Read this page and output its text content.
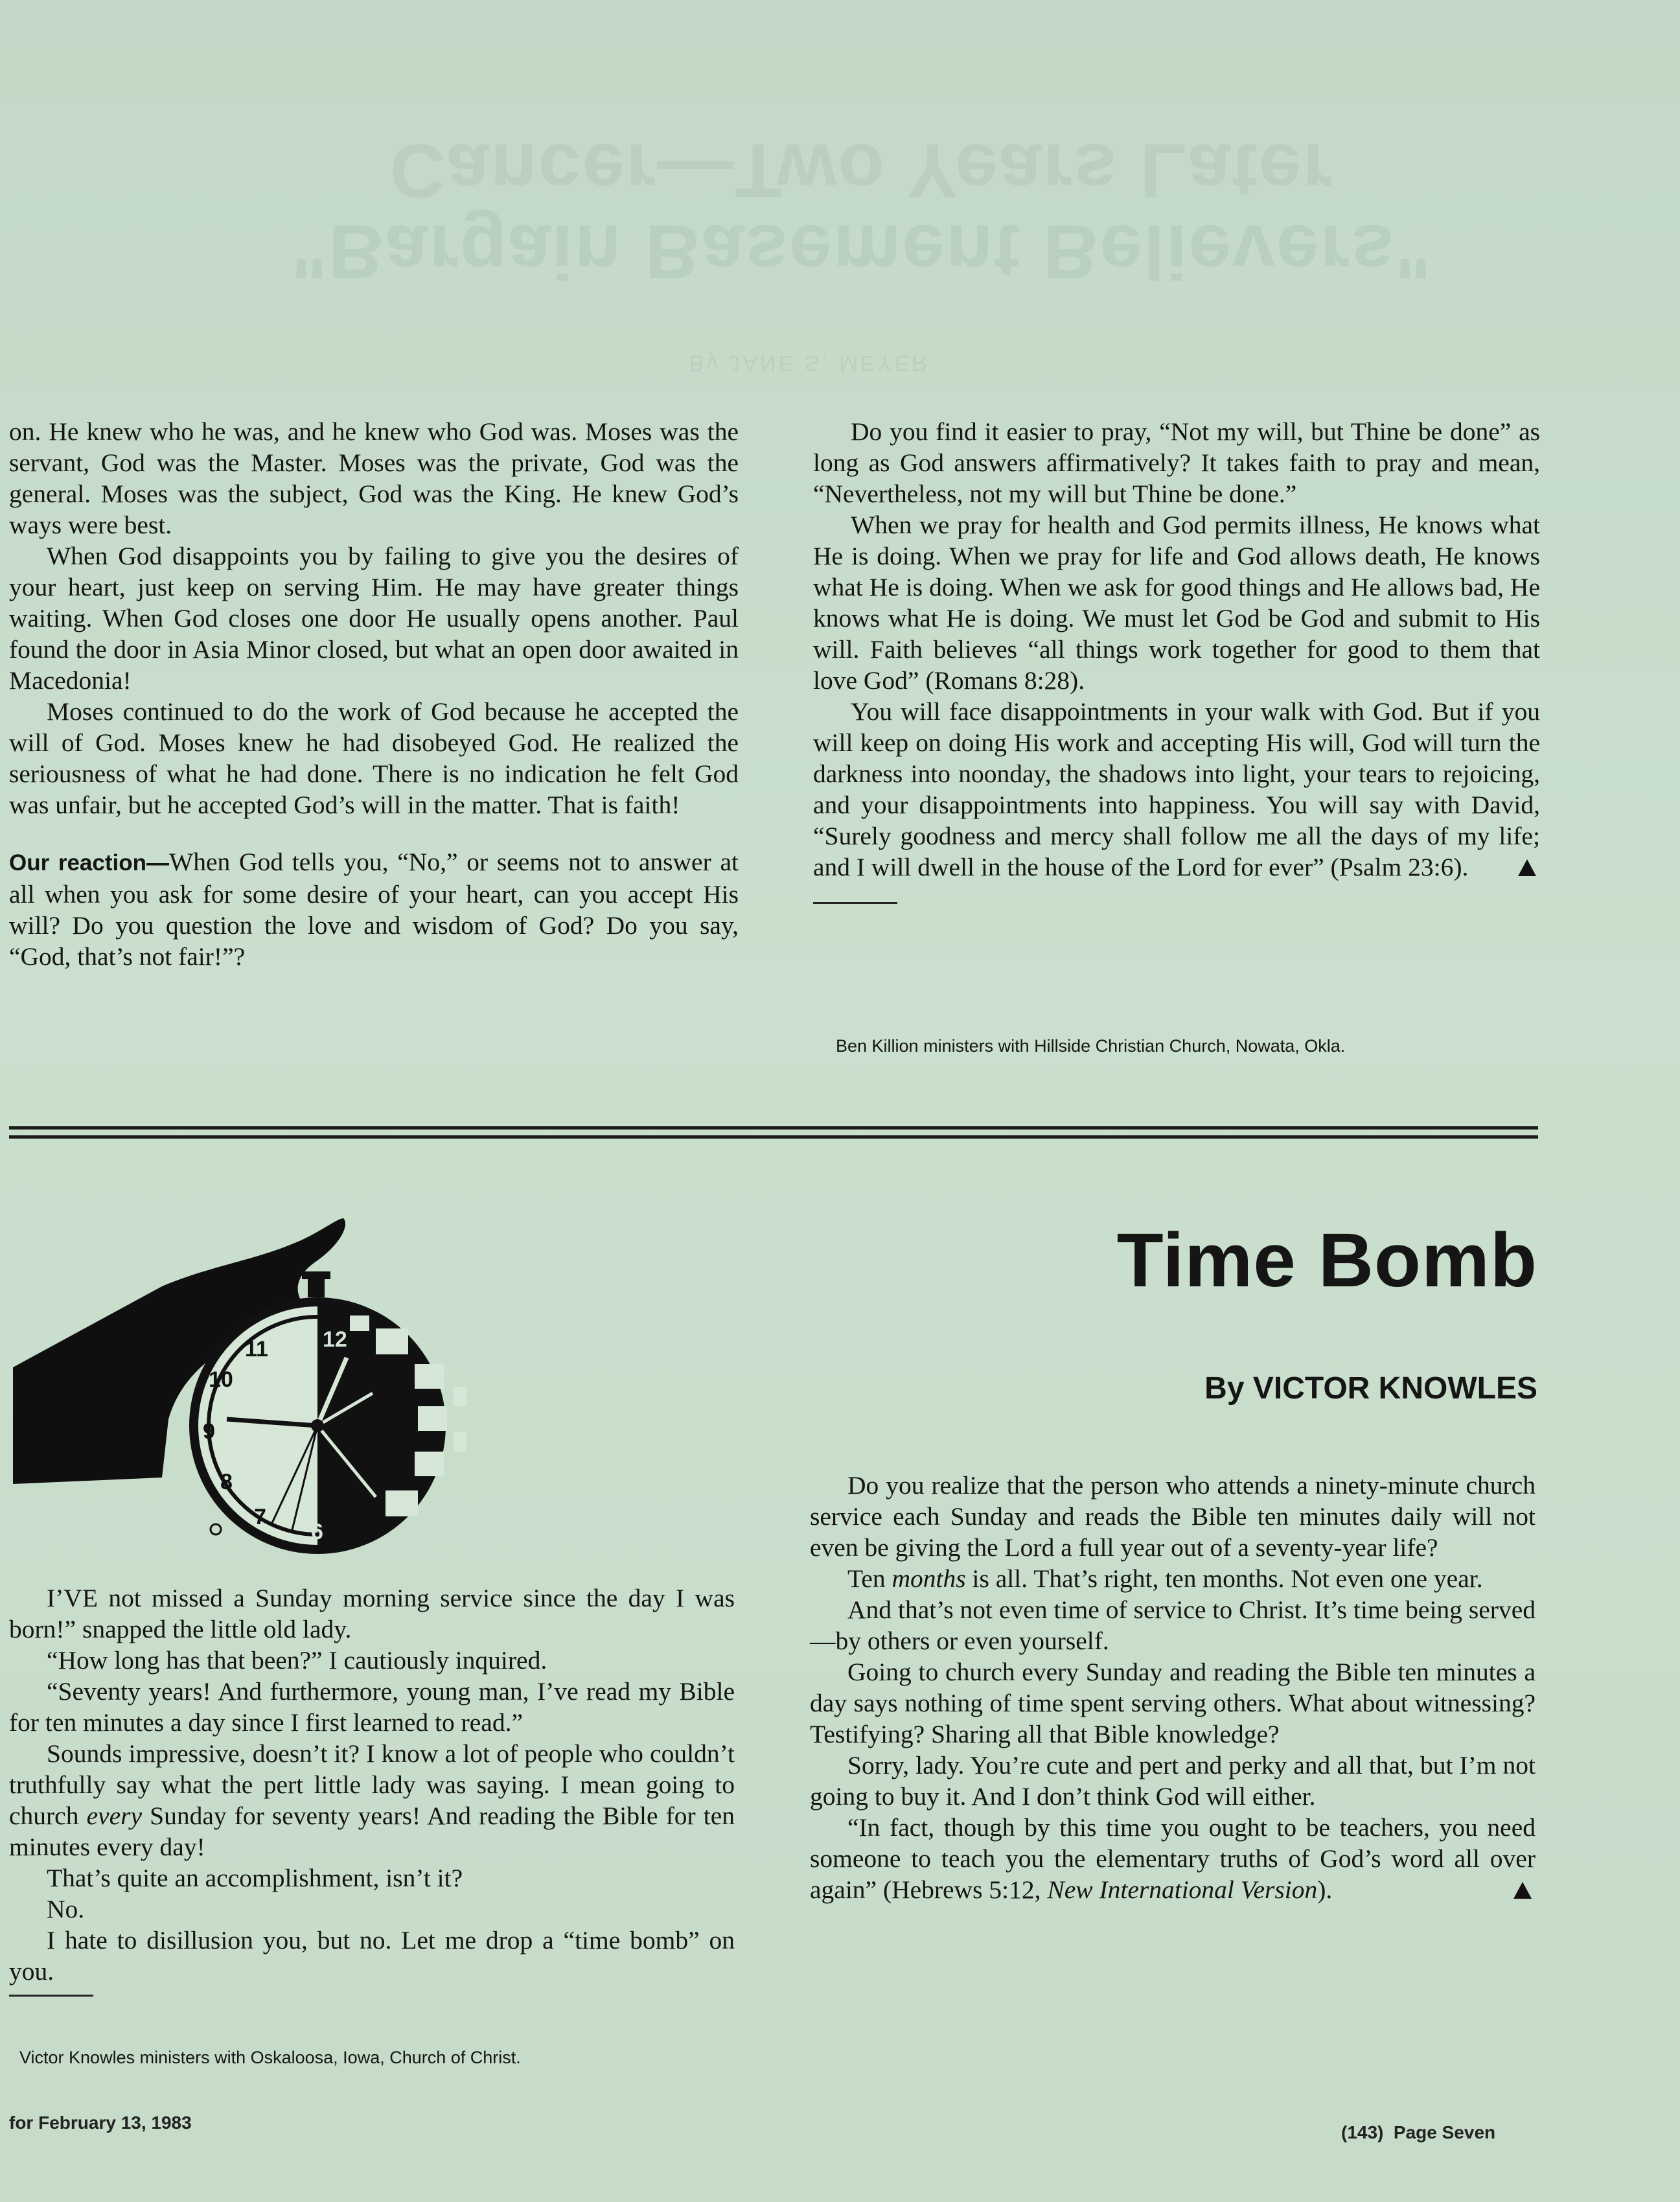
"Bargain Basement Believers"
Cancer—Two Years Later
By JANE S. MEYER

on. He knew who he was, and he knew who God was. Moses was the servant, God was the Master. Moses was the private, God was the general. Moses was the subject, God was the King. He knew God’s ways were best.

When God disappoints you by failing to give you the desires of your heart, just keep on serving Him. He may have greater things waiting. When God closes one door He usually opens another. Paul found the door in Asia Minor closed, but what an open door awaited in Macedonia!

Moses continued to do the work of God because he accepted the will of God. Moses knew he had disobeyed God. He realized the seriousness of what he had done. There is no indication he felt God was unfair, but he accepted God’s will in the matter. That is faith!

Our reaction—When God tells you, “No,” or seems not to answer at all when you ask for some desire of your heart, can you accept His will? Do you question the love and wisdom of God? Do you say, “God, that’s not fair!”?

Do you find it easier to pray, “Not my will, but Thine be done” as long as God answers affirmatively? It takes faith to pray and mean, “Nevertheless, not my will but Thine be done.”

When we pray for health and God permits illness, He knows what He is doing. When we pray for life and God allows death, He knows what He is doing. When we ask for good things and He allows bad, He knows what He is doing. We must let God be God and submit to His will. Faith believes “all things work together for good to them that love God” (Romans 8:28).

You will face disappointments in your walk with God. But if you will keep on doing His work and accepting His will, God will turn the darkness into noonday, the shadows into light, your tears to rejoicing, and your disappointments into happiness. You will say with David, “Surely goodness and mercy shall follow me all the days of my life; and I will dwell in the house of the Lord for ever” (Psalm 23:6).

Ben Killion ministers with Hillside Christian Church, Nowata, Okla.
12 1
5
6
7
8
9
10
11
Time Bomb
By VICTOR KNOWLES

I’VE not missed a Sunday morning service since the day I was born!” snapped the little old lady.

“How long has that been?” I cautiously inquired.

“Seventy years! And furthermore, young man, I’ve read my Bible for ten minutes a day since I first learned to read.”

Sounds impressive, doesn’t it? I know a lot of people who couldn’t truthfully say what the pert little lady was saying. I mean going to church every Sunday for seventy years! And reading the Bible for ten minutes every day!

That’s quite an accomplishment, isn’t it?

No.

I hate to disillusion you, but no. Let me drop a “time bomb” on you.

Victor Knowles ministers with Oskaloosa, Iowa, Church of Christ.

Do you realize that the person who attends a ninety-minute church service each Sunday and reads the Bible ten minutes daily will not even be giving the Lord a full year out of a seventy-year life?

Ten months is all. That’s right, ten months. Not even one year.

And that’s not even time of service to Christ. It’s time being served—by others or even yourself.

Going to church every Sunday and reading the Bible ten minutes a day says nothing of time spent serving others. What about witnessing? Testifying? Sharing all that Bible knowledge?

Sorry, lady. You’re cute and pert and perky and all that, but I’m not going to buy it. And I don’t think God will either.

“In fact, though by this time you ought to be teachers, you need someone to teach you the elementary truths of God’s word all over again” (Hebrews 5:12, New International Version).

for February 13, 1983	(143)  Page Seven
